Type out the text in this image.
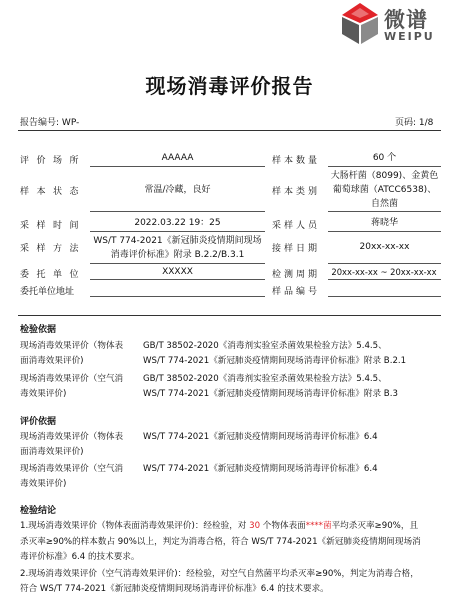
微谱
WEIPU
现场消毒评价报告
报告编号: WP-	页码: 1/8
评价场所
样本状态
采样时间
采样方法
委托单位
委托单位地址
AAAAA
常温/冷藏，良好
2022.03.22 19：25
WS/T 774-2021《新冠肺炎疫情期间现场
消毒评价标准》附录 B.2.2/B.3.1
XXXXX
样本数量
样本类别
采样人员
接样日期
检测周期
样品编号
60 个
大肠杆菌（8099)、金黄色
葡萄球菌（ATCC6538)、
自然菌
蒋晓华
20xx-xx-xx
20xx-xx-xx ~ 20xx-xx-xx
检验依据
现场消毒效果评价（物体表
面消毒效果评价)
GB/T 38502-2020《消毒剂实验室杀菌效果检验方法》5.4.5、
WS/T 774-2021《新冠肺炎疫情期间现场消毒评价标准》附录 B.2.1
现场消毒效果评价（空气消
毒效果评价)
GB/T 38502-2020《消毒剂实验室杀菌效果检验方法》5.4.5、
WS/T 774-2021《新冠肺炎疫情期间现场消毒评价标准》附录 B.3
评价依据
现场消毒效果评价（物体表
面消毒效果评价)
WS/T 774-2021《新冠肺炎疫情期间现场消毒评价标准》6.4
现场消毒效果评价（空气消
毒效果评价)
WS/T 774-2021《新冠肺炎疫情期间现场消毒评价标准》6.4
检验结论
1.现场消毒效果评价（物体表面消毒效果评价)：经检验，对 30 个物体表面****菌平均杀灭率≥90%，且
杀灭率≥90%的样本数占 90%以上，判定为消毒合格，符合 WS/T 774-2021《新冠肺炎疫情期间现场消
毒评价标准》6.4 的技术要求。
2.现场消毒效果评价（空气消毒效果评价)：经检验，对空气自然菌平均杀灭率≥90%，判定为消毒合格，
符合 WS/T 774-2021《新冠肺炎疫情期间现场消毒评价标准》6.4 的技术要求。
